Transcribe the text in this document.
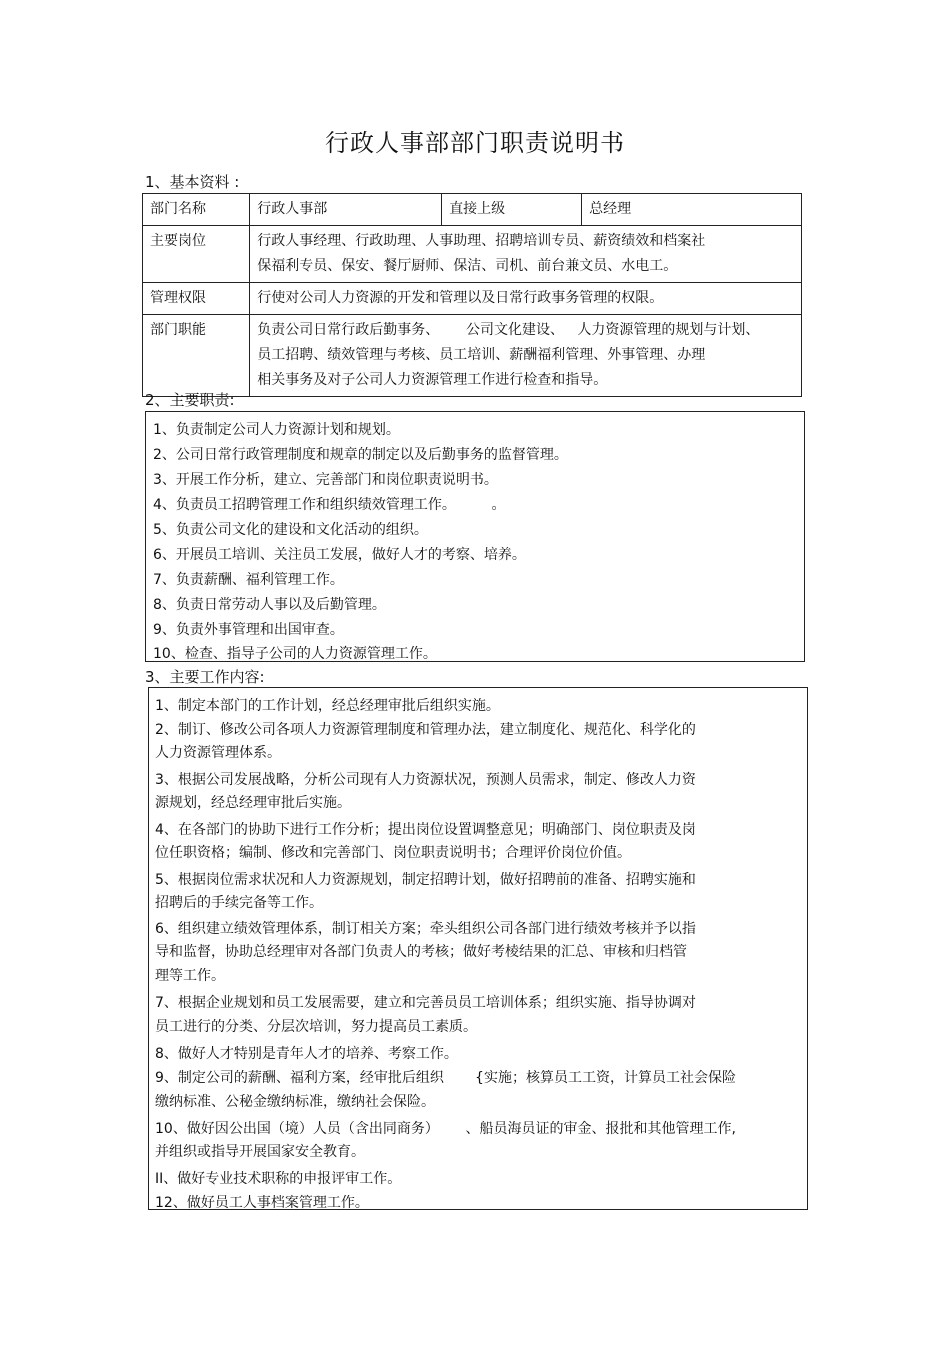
行政人事部部门职责说明书
1、基本资料 :
部门名称	行政人事部	直接上级	总经理
主要岗位	行政人事经理、行政助理、人事助理、招聘培训专员、薪资绩效和档案社
保福利专员、保安、餐厅厨师、保洁、司机、前台兼文员、水电工。		

管理权限	行使对公司人力资源的开发和管理以及日常行政事务管理的权限。		
部门职能	负责公司日常行政后勤事务、      公司文化建设、   人力资源管理的规划与计划、
员工招聘、绩效管理与考核、员工培训、薪酬福利管理、外事管理、办理
相关事务及对子公司人力资源管理工作进行检查和指导。		
2、主要职责:
1、负责制定公司人力资源计划和规划。
2、公司日常行政管理制度和规章的制定以及后勤事务的监督管理。
3、开展工作分析，建立、完善部门和岗位职责说明书。
4、负责员工招聘管理工作和组织绩效管理工作。        。
5、负责公司文化的建设和文化活动的组织。
6、开展员工培训、关注员工发展，做好人才的考察、培养。
7、负责薪酬、福利管理工作。
8、负责日常劳动人事以及后勤管理。
9、负责外事管理和出国审查。
10、检查、指导子公司的人力资源管理工作。
3、主要工作内容:
1、制定本部门的工作计划，经总经理审批后组织实施。
2、制订、修改公司各项人力资源管理制度和管理办法，建立制度化、规范化、科学化的
人力资源管理体系。
3、根据公司发展战略，分析公司现有人力资源状况，预测人员需求，制定、修改人力资
源规划，经总经理审批后实施。
4、在各部门的协助下进行工作分析；提出岗位设置调整意见；明确部门、岗位职责及岗
位任职资格；编制、修改和完善部门、岗位职责说明书；合理评价岗位价值。
5、根据岗位需求状况和人力资源规划，制定招聘计划，做好招聘前的准备、招聘实施和
招聘后的手续完备等工作。
6、组织建立绩效管理体系，制订相关方案；牵头组织公司各部门进行绩效考核并予以指
导和监督，协助总经理审对各部门负责人的考核；做好考棱结果的汇总、审核和归档管
理等工作。
7、根据企业规划和员工发展需要，建立和完善员员工培训体系；组织实施、指导协调对
员工进行的分类、分层次培训，努力提高员工素质。
8、做好人才特别是青年人才的培养、考察工作。
9、制定公司的薪酬、福利方案，经审批后组织       {实施；核算员工工资，计算员工社会保险
缴纳标准、公秘金缴纳标准，缴纳社会保险。
10、做好因公出国（境）人员（含出同商务）      、船员海员证的审金、报批和其他管理工作,
并组织或指导开展国家安全教育。
II、做好专业技术职称的申报评审工作。
12、做好员工人事档案管理工作。
